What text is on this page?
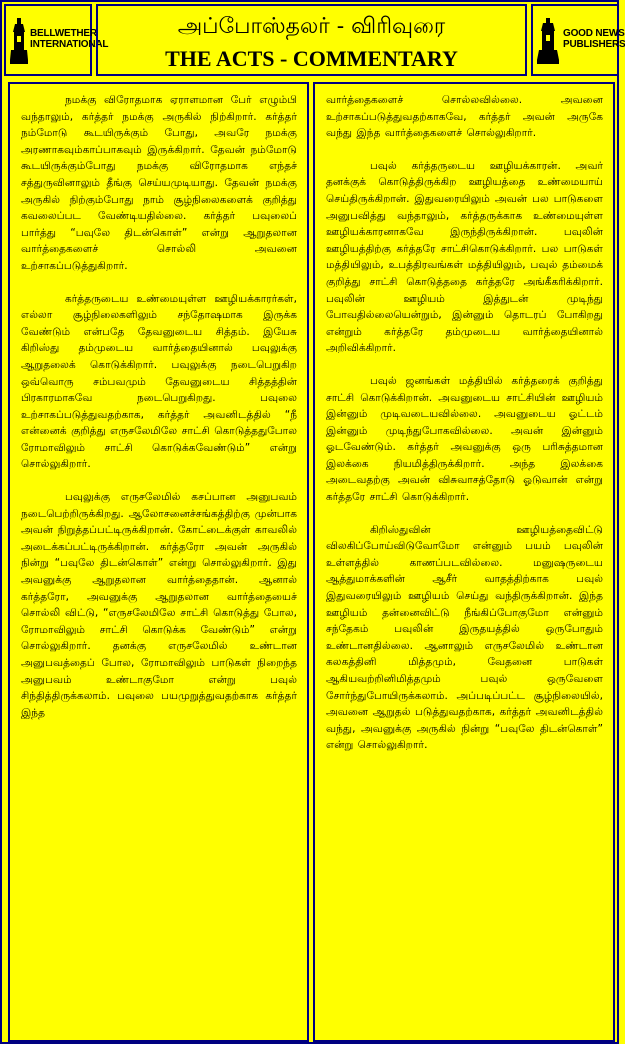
BELLWETHER
INTERNATIONAL
அப்போஸ்தலர் - விரிவுரை
THE ACTS - COMMENTARY
GOOD NEWS
PUBLISHERS

நமக்கு விரோதமாக ஏராளமான பேர் எழும்பி வந்தாலும், கர்த்தர் நமக்கு அருகில் நிற்கிறார். கர்த்தர் நம்மோடு கூடயிருக்கும் போது, அவரே நமக்கு அரணாகவும்காப்பாகவும் இருக்கிறார். தேவன் நம்மோடு கூடயிருக்கும்போது நமக்கு விரோதமாக எந்தச் சத்துருவினாலும் தீங்கு செய்யமுடியாது. தேவன் நமக்கு அருகில் நிற்கும்போது நாம் சூழ்நிலைகளைக் குறித்து கவலைப்பட வேண்டியதில்லை. கர்த்தர் பவுலைப் பார்த்து “பவுலே திடன்கொள்” என்று ஆறுதலான வார்த்தைகளைச் சொல்லி அவனை உற்சாகப்படுத்துகிறார்.

கர்த்தருடைய உண்மையுள்ள ஊழியக்காரர்கள், எல்லா சூழ்நிலைகளிலும் சந்தோஷமாக இருக்க வேண்டும் என்பதே தேவனுடைய சித்தம். இயேசு கிறிஸ்து தம்முடைய வார்த்தையினால் பவுலுக்கு ஆறுதலைக் கொடுக்கிறார். பவுலுக்கு நடைபெறுகிற ஒவ்வொரு சம்பவமும் தேவனுடைய சித்தத்தின் பிரகாரமாகவே நடைபெறுகிறது. பவுலை உற்சாகப்படுத்துவதற்காக, கர்த்தர் அவனிடத்தில் “நீ என்னைக் குறித்து எருசலேமிலே சாட்சி கொடுத்ததுபோல ரோமாவிலும் சாட்சி கொடுக்கவேண்டும்” என்று சொல்லுகிறார்.

பவுலுக்கு எருசலேமில் கசப்பான அனுபவம் நடைபெற்றிருக்கிறது. ஆலோசனைச்சங்கத்திற்கு முன்பாக அவன் நிறுத்தப்பட்டிருக்கிறான். கோட்டைக்குள் காவலில் அடைக்கப்பட்டிருக்கிறான். கர்த்தரோ அவன் அருகில் நின்று “பவுலே திடன்கொள்” என்று சொல்லுகிறார். இது அவனுக்கு ஆறுதலான வார்த்தைதான். ஆனால் கர்த்தரோ, அவனுக்கு ஆறுதலான வார்த்தையைச் சொல்லி விட்டு, “எருசலேமிலே சாட்சி கொடுத்து போல, ரோமாவிலும் சாட்சி கொடுக்க வேண்டும்” என்று சொல்லுகிறார். தனக்கு எருசலேமில் உண்டான அனுபவத்தைப் போல, ரோமாவிலும் பாடுகள் நிறைந்த அனுபவம் உண்டாகுமோ என்று பவுல் சிந்தித்திருக்கலாம். பவுலை பயமுறுத்துவதற்காக கர்த்தர் இந்த

வார்த்தைகளைச் சொல்லவில்லை. அவனை உற்சாகப்படுத்துவதற்காகவே, கர்த்தர் அவன் அருகே வந்து இந்த வார்த்தைகளைச் சொல்லுகிறார்.

பவுல் கர்த்தருடைய ஊழியக்காரன். அவர் தனக்குக் கொடுத்திருக்கிற ஊழியத்தை உண்மையாய் செய்திருக்கிறான். இதுவரையிலும் அவன் பல பாடுகளை அனுபவித்து வந்தாலும், கர்த்தருக்காக உண்மையுள்ள ஊழியக்காரனாகவே இருந்திருக்கிறான். பவுலின் ஊழியத்திற்கு கர்த்தரே சாட்சிகொடுக்கிறார். பல பாடுகள் மத்தியிலும், உபத்திரவங்கள் மத்தியிலும், பவுல் தம்மைக் குறித்து சாட்சி கொடுத்ததை கர்த்தரே அங்கீகரிக்கிறார். பவுலின் ஊழியம் இத்துடன் முடிந்து போவதில்லையென்றும், இன்னும் தொடரப் போகிறது என்றும் கர்த்தரே தம்முடைய வார்த்தையினால் அறிவிக்கிறார்.

பவுல் ஜனங்கள் மத்தியில் கர்த்தரைக் குறித்து சாட்சி கொடுக்கிறான். அவனுடைய சாட்சியின் ஊழியம் இன்னும் முடிவடையவில்லை. அவனுடைய ஓட்டம் இன்னும் முடிந்துபோகவில்லை. அவன் இன்னும் ஓடவேண்டும். கர்த்தர் அவனுக்கு ஒரு பரிசுத்தமான இலக்கை நியமித்திருக்கிறார். அந்த இலக்கை அடைவதற்கு அவன் விசுவாசத்தோடு ஓடுவான் என்று கர்த்தரே சாட்சி கொடுக்கிறார்.

கிறிஸ்துவின் ஊழியத்தைவிட்டு விலகிப்போய்விடுவோமோ என்னும் பயம் பவுலின் உள்ளத்தில் காணப்படவில்லை. மனுஷருடைய ஆத்துமாக்களின் ஆசீர் வாதத்திற்காக பவுல் இதுவரையிலும் ஊழியம் செய்து வந்திருக்கிறான். இந்த ஊழியம் தன்னைவிட்டு நீங்கிப்போகுமோ என்னும் சந்தேகம் பவுலின் இருதயத்தில் ஒருபோதும் உண்டானதில்லை. ஆனாலும் எருசலேமில் உண்டான கலகத்தினி மித்தமும், வேதனை பாடுகள் ஆகியவற்றினிமித்தமும் பவுல் ஒருவேளை சோர்ந்துபோயிருக்கலாம். அப்படிப்பட்ட சூழ்நிலையில், அவனை ஆறுதல் படுத்துவதற்காக, கர்த்தர் அவனிடத்தில் வந்து, அவனுக்கு அருகில் நின்று “பவுலே திடன்கொள்” என்று சொல்லுகிறார்.
